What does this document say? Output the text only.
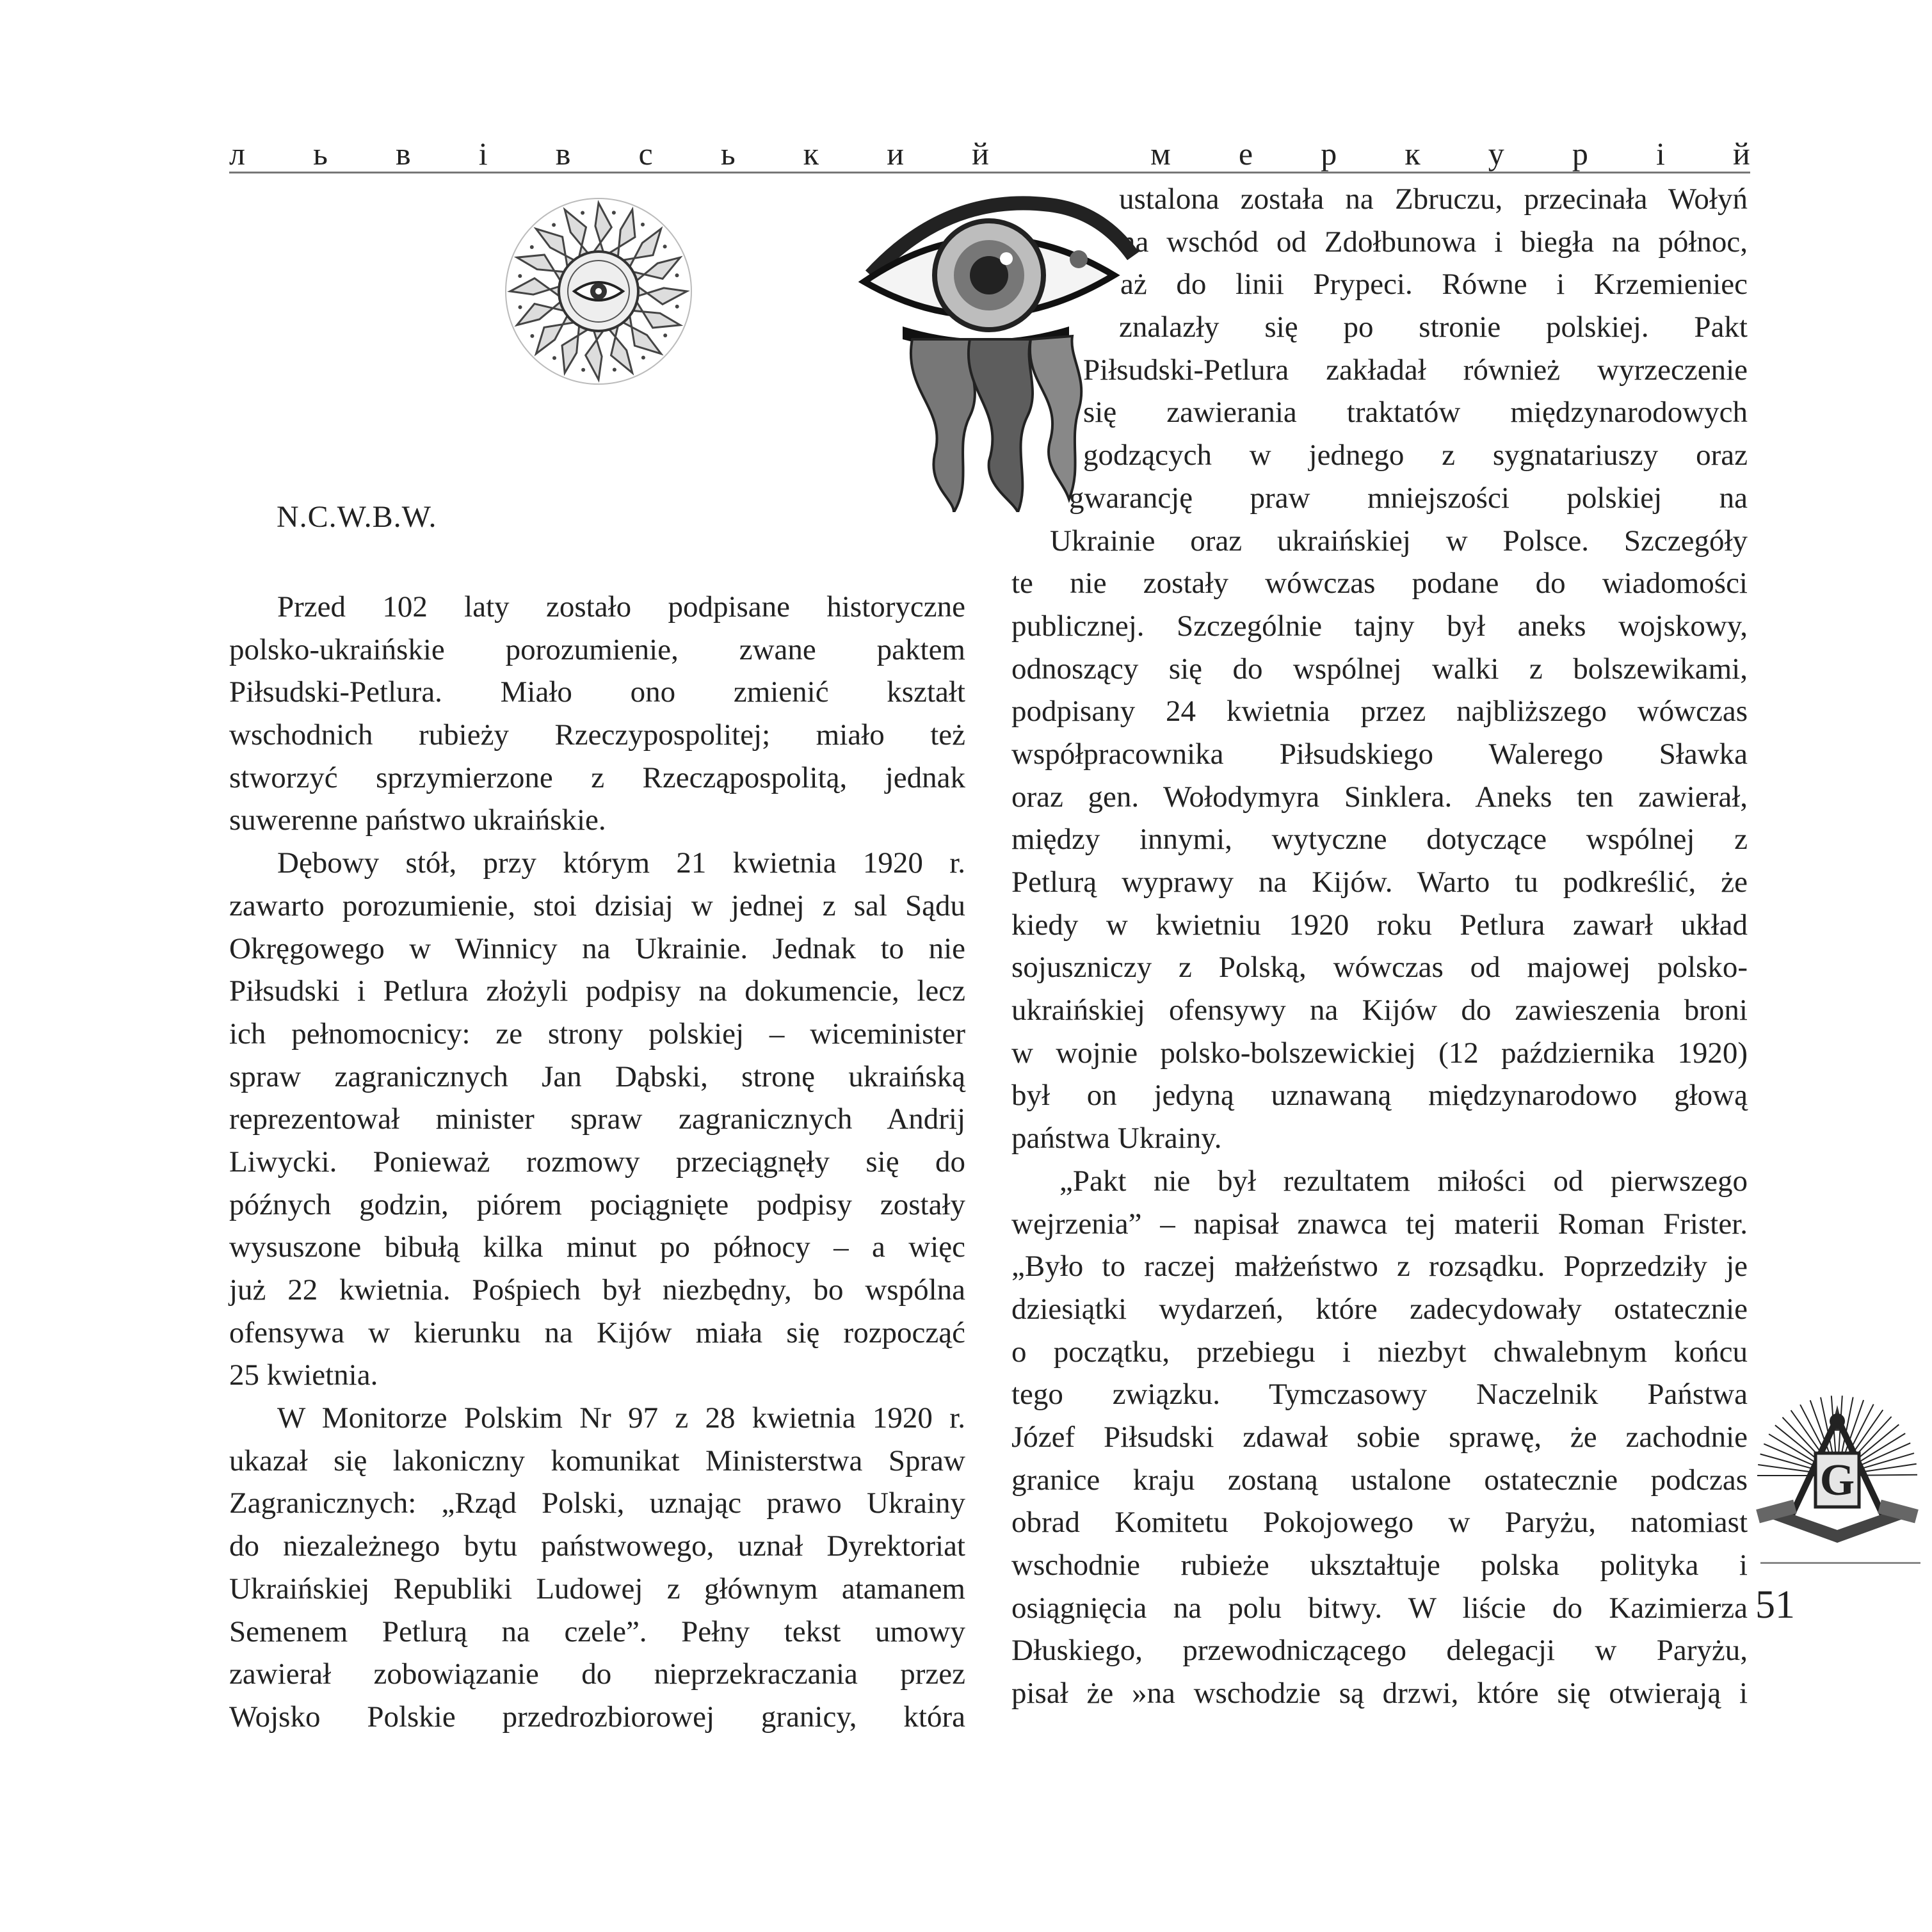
л ь в і в с ь к и й	м е р к у р і й
N.C.W.B.W.
Przed 102 laty zostało podpisane historyczne
polsko-ukraińskie porozumienie, zwane paktem
Piłsudski-Petlura. Miało ono zmienić kształt
wschodnich rubieży Rzeczypospolitej; miało też
stworzyć sprzymierzone z Rzecząpospolitą, jednak
suwerenne państwo ukraińskie.
Dębowy stół, przy którym 21 kwietnia 1920 r.
zawarto porozumienie, stoi dzisiaj w jednej z sal Sądu
Okręgowego w Winnicy na Ukrainie. Jednak to nie
Piłsudski i Petlura złożyli podpisy na dokumencie, lecz
ich pełnomocnicy: ze strony polskiej – wiceminister
spraw zagranicznych Jan Dąbski, stronę ukraińską
reprezentował minister spraw zagranicznych Andrij
Liwycki. Ponieważ rozmowy przeciągnęły się do
późnych godzin, piórem pociągnięte podpisy zostały
wysuszone bibułą kilka minut po północy – a więc
już 22 kwietnia. Pośpiech był niezbędny, bo wspólna
ofensywa w kierunku na Kijów miała się rozpocząć
25 kwietnia.
W Monitorze Polskim Nr 97 z 28 kwietnia 1920 r.
ukazał się lakoniczny komunikat Ministerstwa Spraw
Zagranicznych: „Rząd Polski, uznając prawo Ukrainy
do niezależnego bytu państwowego, uznał Dyrektoriat
Ukraińskiej Republiki Ludowej z głównym atamanem
Semenem Petlurą na czele”. Pełny tekst umowy
zawierał zobowiązanie do nieprzekraczania przez
Wojsko Polskie przedrozbiorowej granicy, która
ustalona została na Zbruczu, przecinała Wołyń
na wschód od Zdołbunowa i biegła na północ,
aż do linii Prypeci. Równe i Krzemieniec
znalazły się po stronie polskiej. Pakt
Piłsudski-Petlura zakładał również wyrzeczenie
się zawierania traktatów międzynarodowych
godzących w jednego z sygnatariuszy oraz
gwarancję praw mniejszości polskiej na
Ukrainie oraz ukraińskiej w Polsce. Szczegóły
te nie zostały wówczas podane do wiadomości
publicznej. Szczególnie tajny był aneks wojskowy,
odnoszący się do wspólnej walki z bolszewikami,
podpisany 24 kwietnia przez najbliższego wówczas
współpracownika Piłsudskiego Walerego Sławka
oraz gen. Wołodymyra Sinklera. Aneks ten zawierał,
między innymi, wytyczne dotyczące wspólnej z
Petlurą wyprawy na Kijów. Warto tu podkreślić, że
kiedy w kwietniu 1920 roku Petlura zawarł układ
sojuszniczy z Polską, wówczas od majowej polsko-
ukraińskiej ofensywy na Kijów do zawieszenia broni
w wojnie polsko-bolszewickiej (12 października 1920)
był on jedyną uznawaną międzynarodowo głową
państwa Ukrainy.
„Pakt nie był rezultatem miłości od pierwszego
wejrzenia” – napisał znawca tej materii Roman Frister.
„Było to raczej małżeństwo z rozsądku. Poprzedziły je
dziesiątki wydarzeń, które zadecydowały ostatecznie
o początku, przebiegu i niezbyt chwalebnym końcu
tego związku. Tymczasowy Naczelnik Państwa
Józef Piłsudski zdawał sobie sprawę, że zachodnie
granice kraju zostaną ustalone ostatecznie podczas
obrad Komitetu Pokojowego w Paryżu, natomiast
wschodnie rubieże ukształtuje polska polityka i
osiągnięcia na polu bitwy. W liście do Kazimierza
Dłuskiego, przewodniczącego delegacji w Paryżu,
pisał że »na wschodzie są drzwi, które się otwierają i
G
51
